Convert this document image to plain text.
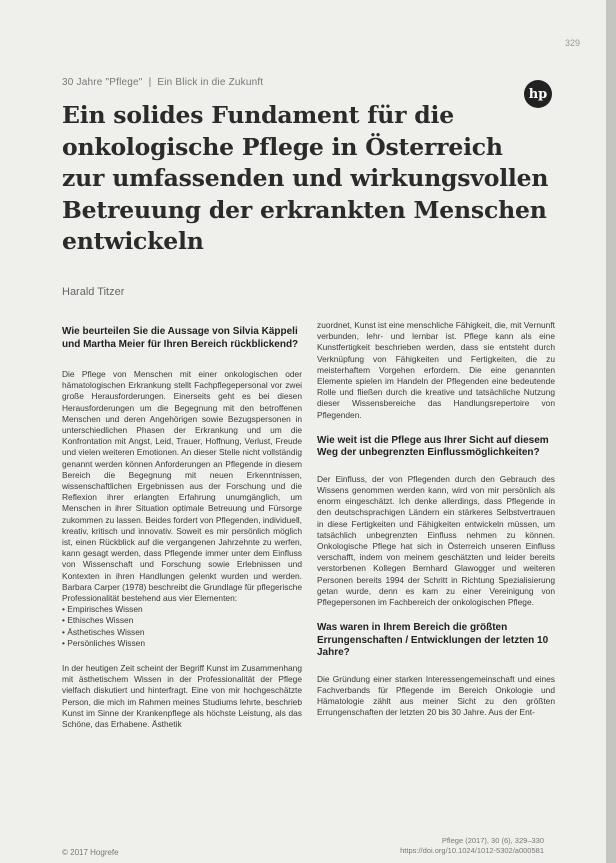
329
30 Jahre "Pflege" | Ein Blick in die Zukunft
hp
Ein solides Fundament für die onkologische Pflege in Österreich zur umfassenden und wirkungsvollen Betreuung der erkrankten Menschen entwickeln
Harald Titzer
Wie beurteilen Sie die Aussage von Silvia Käppeli und Martha Meier für Ihren Bereich rückblickend?

Die Pflege von Menschen mit einer onkologischen oder hämatologischen Erkrankung stellt Fachpflegepersonal vor zwei große Herausforderungen. Einerseits geht es bei diesen Herausforderungen um die Begegnung mit den betroffenen Menschen und deren Angehörigen sowie Bezugspersonen in unterschiedlichen Phasen der Erkrankung und um die Konfrontation mit Angst, Leid, Trauer, Hoffnung, Verlust, Freude und vielen weiteren Emotionen. An dieser Stelle nicht vollständig genannt werden können Anforderungen an Pflegende in diesem Bereich die Begegnung mit neuen Erkenntnissen, wissenschaftlichen Ergebnissen aus der Forschung und die Reflexion ihrer erlangten Erfahrung unumgänglich, um Menschen in ihrer Situation optimale Betreuung und Fürsorge zukommen zu lassen. Beides fordert von Pflegenden, individuell, kreativ, kritisch und innovativ. Soweit es mir persönlich möglich ist, einen Rückblick auf die vergangenen Jahrzehnte zu werfen, kann gesagt werden, dass Pflegende immer unter dem Einfluss von Wissenschaft und Forschung sowie Erlebnissen und Kontexten in ihren Handlungen gelenkt wurden und werden. Barbara Carper (1978) beschreibt die Grundlage für pflegerische Professionalität bestehend aus vier Elementen:

• Empirisches Wissen
• Ethisches Wissen
• Ästhetisches Wissen
• Persönliches Wissen

In der heutigen Zeit scheint der Begriff Kunst im Zusammenhang mit ästhetischem Wissen in der Professionalität der Pflege vielfach diskutiert und hinterfragt. Eine von mir hochgeschätzte Person, die mich im Rahmen meines Studiums lehrte, beschrieb Kunst im Sinne der Krankenpflege als höchste Leistung, als das Schöne, das Erhabene. Ästhetik

zuordnet, Kunst ist eine menschliche Fähigkeit, die, mit Vernunft verbunden, lehr- und lernbar ist. Pflege kann als eine Kunstfertigkeit beschrieben werden, dass sie entsteht durch Verknüpfung von Fähigkeiten und Fertigkeiten, die zu meisterhaftem Vorgehen erfordern. Die eine genannten Elemente spielen im Handeln der Pflegenden eine bedeutende Rolle und fließen durch die kreative und tatsächliche Nutzung dieser Wissensbereiche das Handlungsrepertoire von Pflegenden.

Wie weit ist die Pflege aus Ihrer Sicht auf diesem Weg der unbegrenzten Einflussmöglichkeiten?

Der Einfluss, der von Pflegenden durch den Gebrauch des Wissens genommen werden kann, wird von mir persönlich als enorm eingeschätzt. Ich denke allerdings, dass Pflegende in den deutschsprachigen Ländern ein stärkeres Selbstvertrauen in diese Fertigkeiten und Fähigkeiten entwickeln müssen, um tatsächlich unbegrenzten Einfluss nehmen zu können. Onkologische Pflege hat sich in Österreich unseren Einfluss verschafft, indem von meinem geschätzten und leider bereits verstorbenen Kollegen Bernhard Glawogger und weiteren Personen bereits 1994 der Schritt in Richtung Spezialisierung getan wurde, denn es kam zu einer Vereinigung von Pflegepersonen im Fachbereich der onkologischen Pflege.

Was waren in Ihrem Bereich die größten Errungenschaften / Entwicklungen der letzten 10 Jahre?

Die Gründung einer starken Interessengemeinschaft und eines Fachverbands für Pflegende im Bereich Onkologie und Hämatologie zählt aus meiner Sicht zu den größten Errungenschaften der letzten 20 bis 30 Jahre. Aus der Ent-

© 2017 Hogrefe
Pflege (2017), 30 (6), 329–330
https://doi.org/10.1024/1012-5302/a000581
